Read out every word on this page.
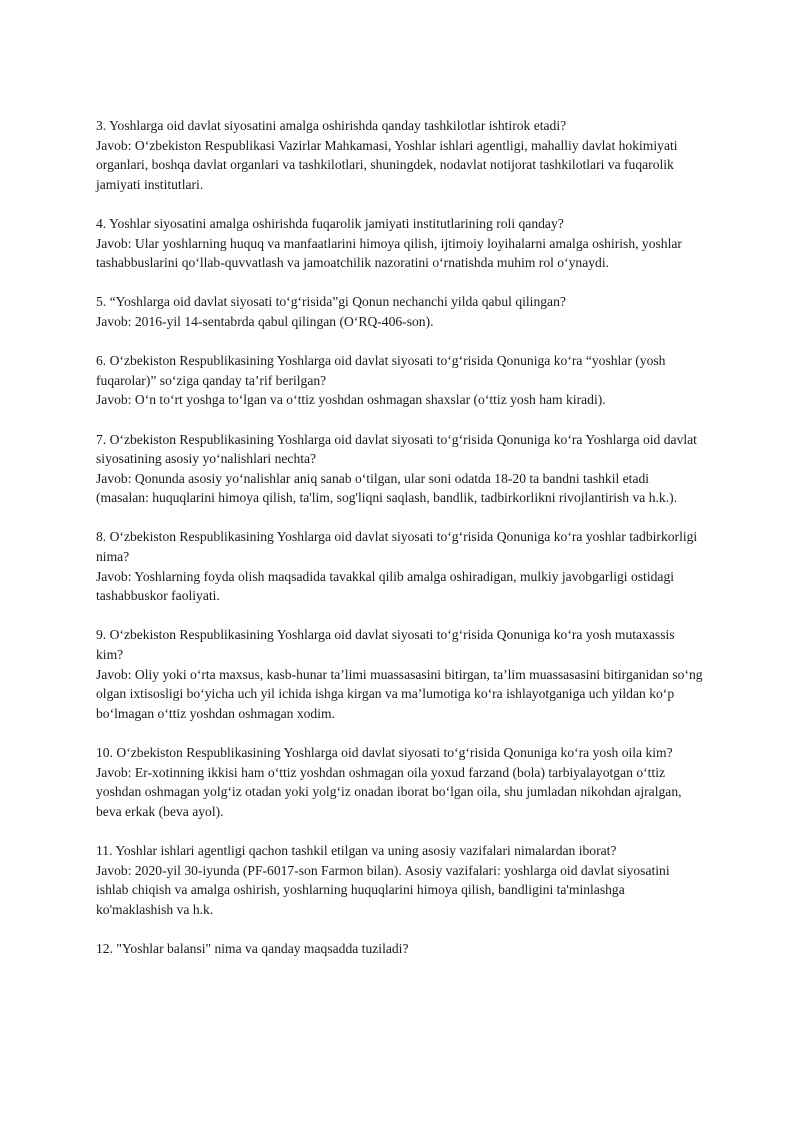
3. Yoshlarga oid davlat siyosatini amalga oshirishda qanday tashkilotlar ishtirok etadi?

Javob: O‘zbekiston Respublikasi Vazirlar Mahkamasi, Yoshlar ishlari agentligi, mahalliy davlat hokimiyati organlari, boshqa davlat organlari va tashkilotlari, shuningdek, nodavlat notijorat tashkilotlari va fuqarolik jamiyati institutlari.

4. Yoshlar siyosatini amalga oshirishda fuqarolik jamiyati institutlarining roli qanday?

Javob: Ular yoshlarning huquq va manfaatlarini himoya qilish, ijtimoiy loyihalarni amalga oshirish, yoshlar tashabbuslarini qo‘llab-quvvatlash va jamoatchilik nazoratini o‘rnatishda muhim rol o‘ynaydi.

5. “Yoshlarga oid davlat siyosati to‘g‘risida”gi Qonun nechanchi yilda qabul qilingan?

Javob: 2016-yil 14-sentabrda qabul qilingan (O‘RQ-406-son).

6. O‘zbekiston Respublikasining Yoshlarga oid davlat siyosati to‘g‘risida Qonuniga ko‘ra “yoshlar (yosh fuqarolar)” so‘ziga qanday ta’rif berilgan?

Javob: O‘n to‘rt yoshga to‘lgan va o‘ttiz yoshdan oshmagan shaxslar (o‘ttiz yosh ham kiradi).

7. O‘zbekiston Respublikasining Yoshlarga oid davlat siyosati to‘g‘risida Qonuniga ko‘ra Yoshlarga oid davlat siyosatining asosiy yo‘nalishlari nechta?

Javob: Qonunda asosiy yo‘nalishlar aniq sanab o‘tilgan, ular soni odatda 18-20 ta bandni tashkil etadi (masalan: huquqlarini himoya qilish, ta'lim, sog'liqni saqlash, bandlik, tadbirkorlikni rivojlantirish va h.k.).

8. O‘zbekiston Respublikasining Yoshlarga oid davlat siyosati to‘g‘risida Qonuniga ko‘ra yoshlar tadbirkorligi nima?

Javob: Yoshlarning foyda olish maqsadida tavakkal qilib amalga oshiradigan, mulkiy javobgarligi ostidagi tashabbuskor faoliyati.

9. O‘zbekiston Respublikasining Yoshlarga oid davlat siyosati to‘g‘risida Qonuniga ko‘ra yosh mutaxassis kim?

Javob: Oliy yoki o‘rta maxsus, kasb-hunar ta’limi muassasasini bitirgan, ta’lim muassasasini bitirganidan so‘ng olgan ixtisosligi bo‘yicha uch yil ichida ishga kirgan va ma’lumotiga ko‘ra ishlayotganiga uch yildan ko‘p bo‘lmagan o‘ttiz yoshdan oshmagan xodim.

10. O‘zbekiston Respublikasining Yoshlarga oid davlat siyosati to‘g‘risida Qonuniga ko‘ra yosh oila kim?

Javob: Er-xotinning ikkisi ham o‘ttiz yoshdan oshmagan oila yoxud farzand (bola) tarbiyalayotgan o‘ttiz yoshdan oshmagan yolg‘iz otadan yoki yolg‘iz onadan iborat bo‘lgan oila, shu jumladan nikohdan ajralgan, beva erkak (beva ayol).

11. Yoshlar ishlari agentligi qachon tashkil etilgan va uning asosiy vazifalari nimalardan iborat?

Javob: 2020-yil 30-iyunda (PF-6017-son Farmon bilan). Asosiy vazifalari: yoshlarga oid davlat siyosatini ishlab chiqish va amalga oshirish, yoshlarning huquqlarini himoya qilish, bandligini ta'minlashga ko'maklashish va h.k.

12. "Yoshlar balansi" nima va qanday maqsadda tuziladi?
